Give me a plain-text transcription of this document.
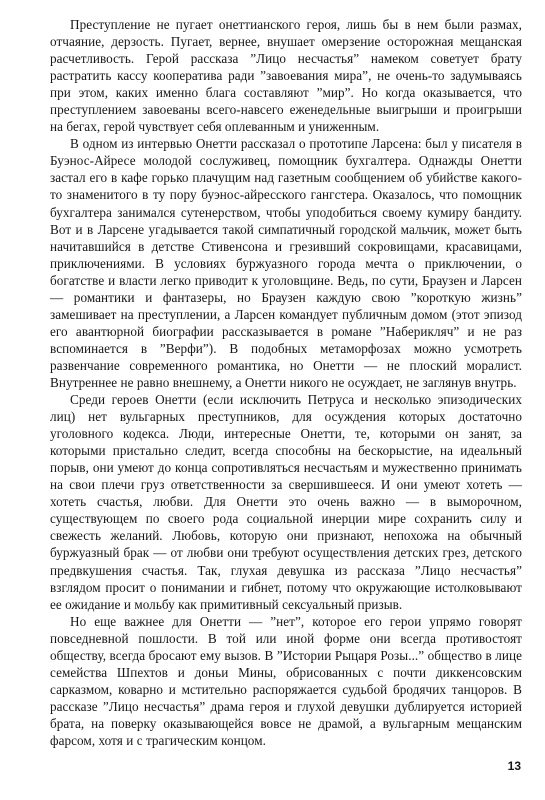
Преступление не пугает онеттианского героя, лишь бы в нем были размах, отчаяние, дерзость. Пугает, вернее, внушает омерзение осторожная мещанская расчетливость. Герой рассказа ”Лицо несчастья” намеком советует брату растратить кассу кооператива ради ”завоевания мира”, не очень-то задумываясь при этом, каких именно блага составляют ”мир”. Но когда оказывается, что преступлением завоеваны всего-навсего еженедельные выигрыши и проигрыши на бегах, герой чувствует себя оплеванным и униженным.

В одном из интервью Онетти рассказал о прототипе Ларсена: был у писателя в Буэнос-Айресе молодой сослуживец, помощник бухгалтера. Однажды Онетти застал его в кафе горько плачущим над газетным сообщением об убийстве какого-то знаменитого в ту пору буэнос-айресского гангстера. Оказалось, что помощник бухгалтера занимался сутенерством, чтобы уподобиться своему кумиру бандиту. Вот и в Ларсене угадывается такой симпатичный городской мальчик, может быть начитавшийся в детстве Стивенсона и грезивший сокровищами, красавицами, приключениями. В условиях буржуазного города мечта о приключении, о богатстве и власти легко приводит к уголовщине. Ведь, по сути, Браузен и Ларсен — романтики и фантазеры, но Браузен каждую свою ”короткую жизнь” замешивает на преступлении, а Ларсен командует публичным домом (этот эпизод его авантюрной биографии рассказывается в романе ”Наберикляч” и не раз вспоминается в ”Верфи”). В подобных метаморфозах можно усмотреть развенчание современного романтика, но Онетти — не плоский моралист. Внутреннее не равно внешнему, а Онетти никого не осуждает, не заглянув внутрь.

Среди героев Онетти (если исключить Петруса и несколько эпизодических лиц) нет вульгарных преступников, для осуждения которых достаточно уголовного кодекса. Люди, интересные Онетти, те, которыми он занят, за которыми пристально следит, всегда способны на бескорыстие, на идеальный порыв, они умеют до конца сопротивляться несчастьям и мужественно принимать на свои плечи груз ответственности за свершившееся. И они умеют хотеть — хотеть счастья, любви. Для Онетти это очень важно — в выморочном, существующем по своего рода социальной инерции мире сохранить силу и свежесть желаний. Любовь, которую они признают, непохожа на обычный буржуазный брак — от любви они требуют осуществления детских грез, детского предвкушения счастья. Так, глухая девушка из рассказа ”Лицо несчастья” взглядом просит о понимании и гибнет, потому что окружающие истолковывают ее ожидание и мольбу как примитивный сексуальный призыв.

Но еще важнее для Онетти — ”нет”, которое его герои упрямо говорят повседневной пошлости. В той или иной форме они всегда противостоят обществу, всегда бросают ему вызов. В ”Истории Рыцаря Розы...” общество в лице семейства Шпехтов и доньи Мины, обрисованных с почти диккенсовским сарказмом, коварно и мстительно распоряжается судьбой бродячих танцоров. В рассказе ”Лицо несчастья” драма героя и глухой девушки дублируется историей брата, на поверку оказывающейся вовсе не драмой, а вульгарным мещанским фарсом, хотя и с трагическим концом.

13
